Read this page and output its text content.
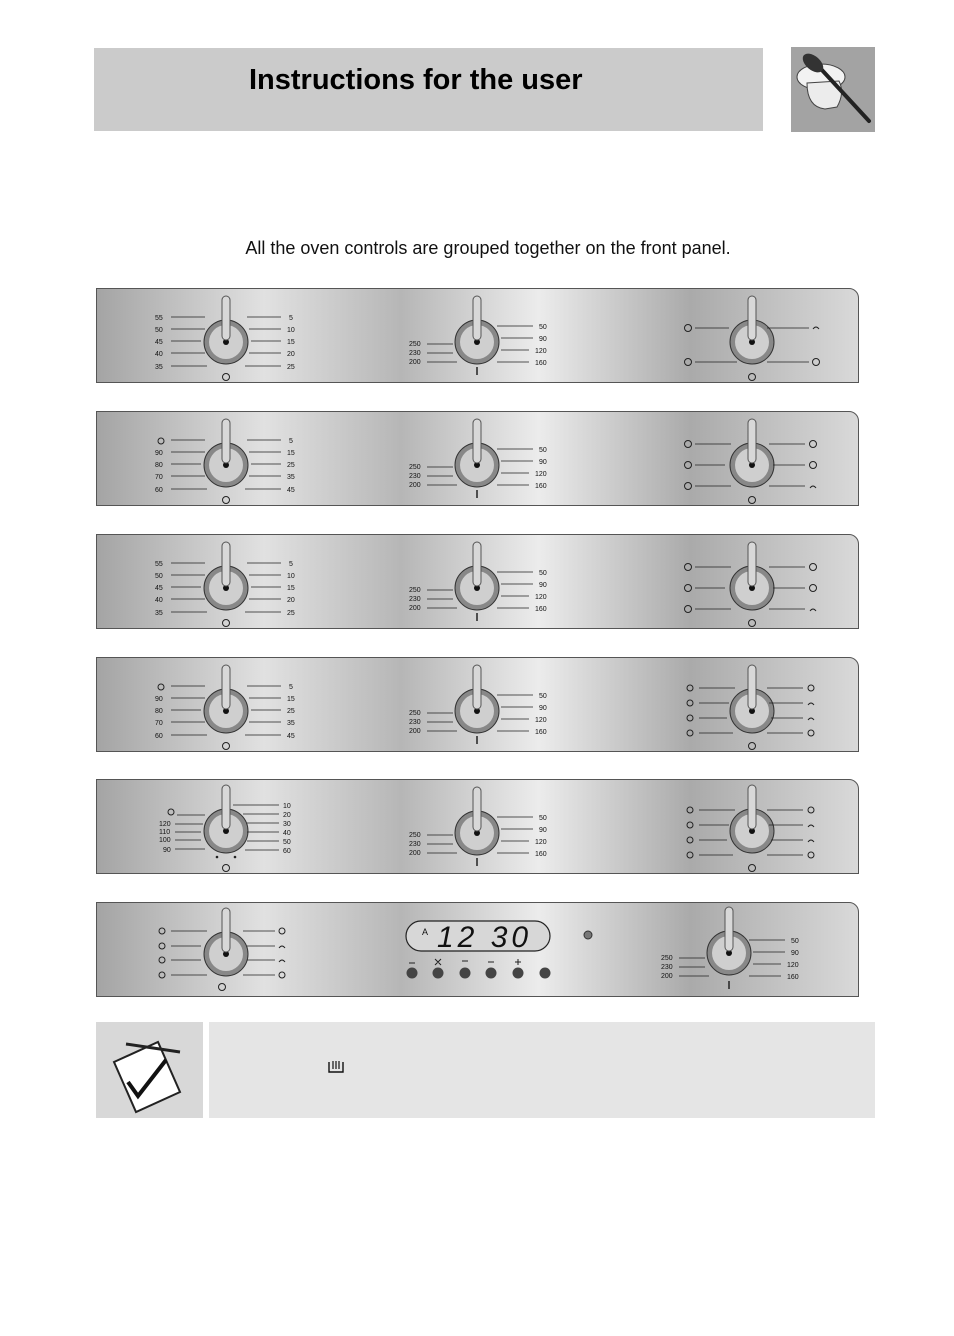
Instructions for the user
All the oven controls are grouped together on the front panel.
55
50
45
40
35
5
10
15
20
25
250
230
200
50
90
120
160
90
80
70
60
5
15
25
35
45
250
230
200
50
90
120
160
55
50
45
40
35
5
10
15
20
25
250
230
200
50
90
120
160
90
80
70
60
5
15
25
35
45
250
230
200
50
90
120
160
120
110
100
90
10
20
30
40
50
60
250
230
200
50
90
120
160
12 30
A
250
230
200
50
90
120
160
